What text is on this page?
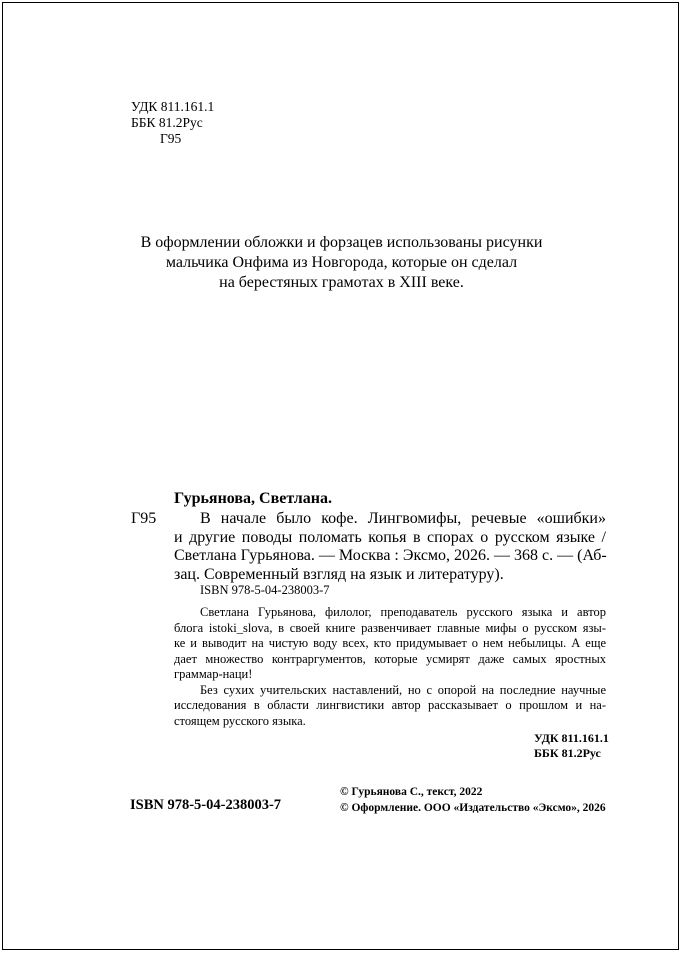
УДК 811.161.1
ББК 81.2Рус
Г95
В оформлении обложки и форзацев использованы рисунки
мальчика Онфима из Новгорода, которые он сделал
на берестяных грамотах в XIII веке.
Гурьянова, Светлана.
Г95	В начале было кофе. Лингвомифы, речевые «ошибки»
и другие поводы поломать копья в спорах о русском языке /
Светлана Гурьянова. — Москва : Эксмо, 2026. — 368 с. — (Аб-
зац. Современный взгляд на язык и литературу).
ISBN 978-5-04-238003-7
Светлана Гурьянова, филолог, преподаватель русского языка и автор
блога istoki_slova, в своей книге развенчивает главные мифы о русском язы-
ке и выводит на чистую воду всех, кто придумывает о нем небылицы. А еще
дает множество контраргументов, которые усмирят даже самых яростных
граммар-наци!
Без сухих учительских наставлений, но с опорой на последние научные
исследования в области лингвистики автор рассказывает о прошлом и на-
стоящем русского языка.
УДК 811.161.1
ББК 81.2Рус
ISBN 978-5-04-238003-7
© Гурьянова С., текст, 2022
© Оформление. ООО «Издательство «Эксмо», 2026
